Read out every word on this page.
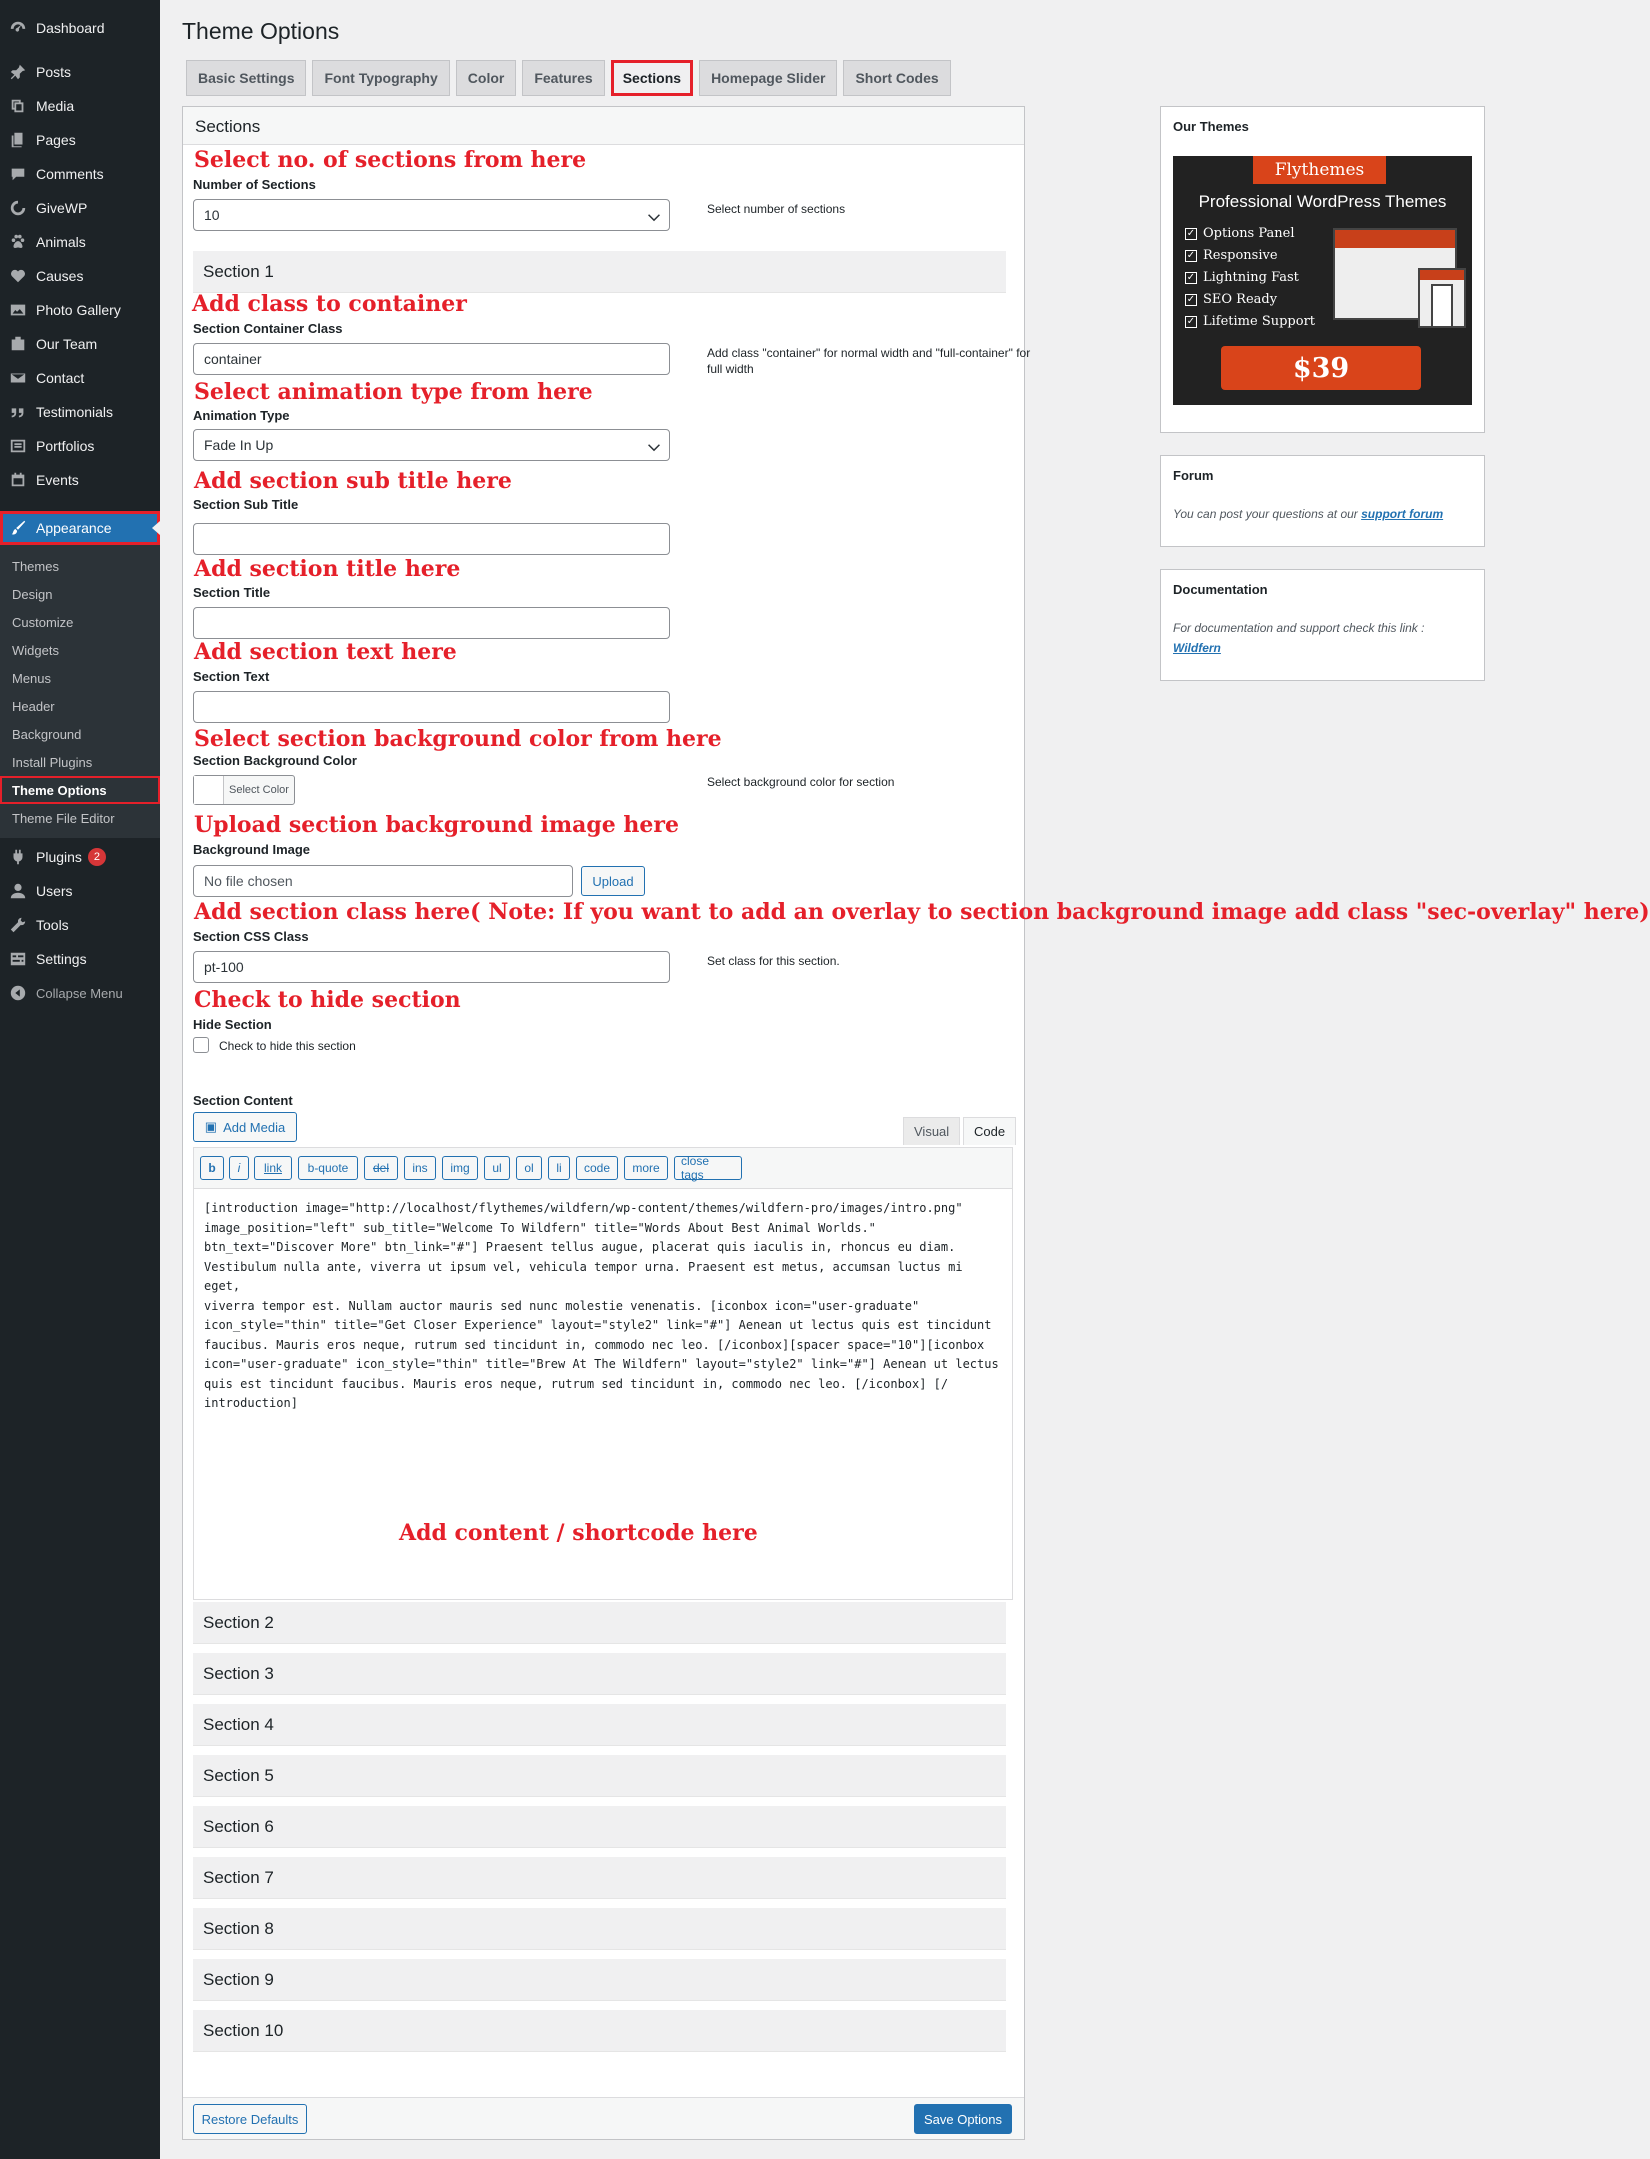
Dashboard
Posts
Media
Pages
Comments
GiveWP
Animals
Causes
Photo Gallery
Our Team
Contact
Testimonials
Portfolios
Events
Appearance
Themes
Design
Customize
Widgets
Menus
Header
Background
Install Plugins
Theme Options
Theme File Editor
Plugins	2
Users
Tools
Settings
Collapse Menu
Theme Options
Basic Settings	Font Typography	Color	Features	Sections	Homepage Slider	Short Codes
Sections
Select no. of sections from here
Number of Sections
10	Select number of sections
Section 1
Add class to container
Section Container Class
container	Add class "container" for normal width and "full-container" for full width
Select animation type from here
Animation Type
Fade In Up
Add section sub title here
Section Sub Title
Add section title here
Section Title
Add section text here
Section Text
Select section background color from here
Section Background Color
Select Color
Select background color for section
Upload section background image here
Background Image
No file chosen	Upload
Add section class here( Note: If you want to add an overlay to section background image add class "sec-overlay" here)
Section CSS Class
pt-100	Set class for this section.
Check to hide section
Hide Section
Check to hide this section
Section Content
▣ Add Media	Visual	Code
b	i	link	b-quote	del	ins	img	ul	ol	li	code	more	close tags
[introduction image="http://localhost/flythemes/wildfern/wp-content/themes/wildfern-pro/images/intro.png"
image_position="left" sub_title="Welcome To Wildfern" title="Words About Best Animal Worlds."
btn_text="Discover More" btn_link="#"] Praesent tellus augue, placerat quis iaculis in, rhoncus eu diam.
Vestibulum nulla ante, viverra ut ipsum vel, vehicula tempor urna. Praesent est metus, accumsan luctus mi eget,
viverra tempor est. Nullam auctor mauris sed nunc molestie venenatis. [iconbox icon="user-graduate"
icon_style="thin" title="Get Closer Experience" layout="style2" link="#"] Aenean ut lectus quis est tincidunt
faucibus. Mauris eros neque, rutrum sed tincidunt in, commodo nec leo. [/iconbox][spacer space="10"][iconbox
icon="user-graduate" icon_style="thin" title="Brew At The Wildfern" layout="style2" link="#"] Aenean ut lectus
quis est tincidunt faucibus. Mauris eros neque, rutrum sed tincidunt in, commodo nec leo. [/iconbox] [/
introduction]
Add content / shortcode here
Section 2
Section 3
Section 4
Section 5
Section 6
Section 7
Section 8
Section 9
Section 10
Restore Defaults	Save Options
Our Themes
Flythemes
Professional WordPress Themes
✓ Options Panel
✓ Responsive
✓ Lightning Fast
✓ SEO Ready
✓ Lifetime Support
$39
Forum
You can post your questions at our support forum
Documentation
For documentation and support check this link :
Wildfern
